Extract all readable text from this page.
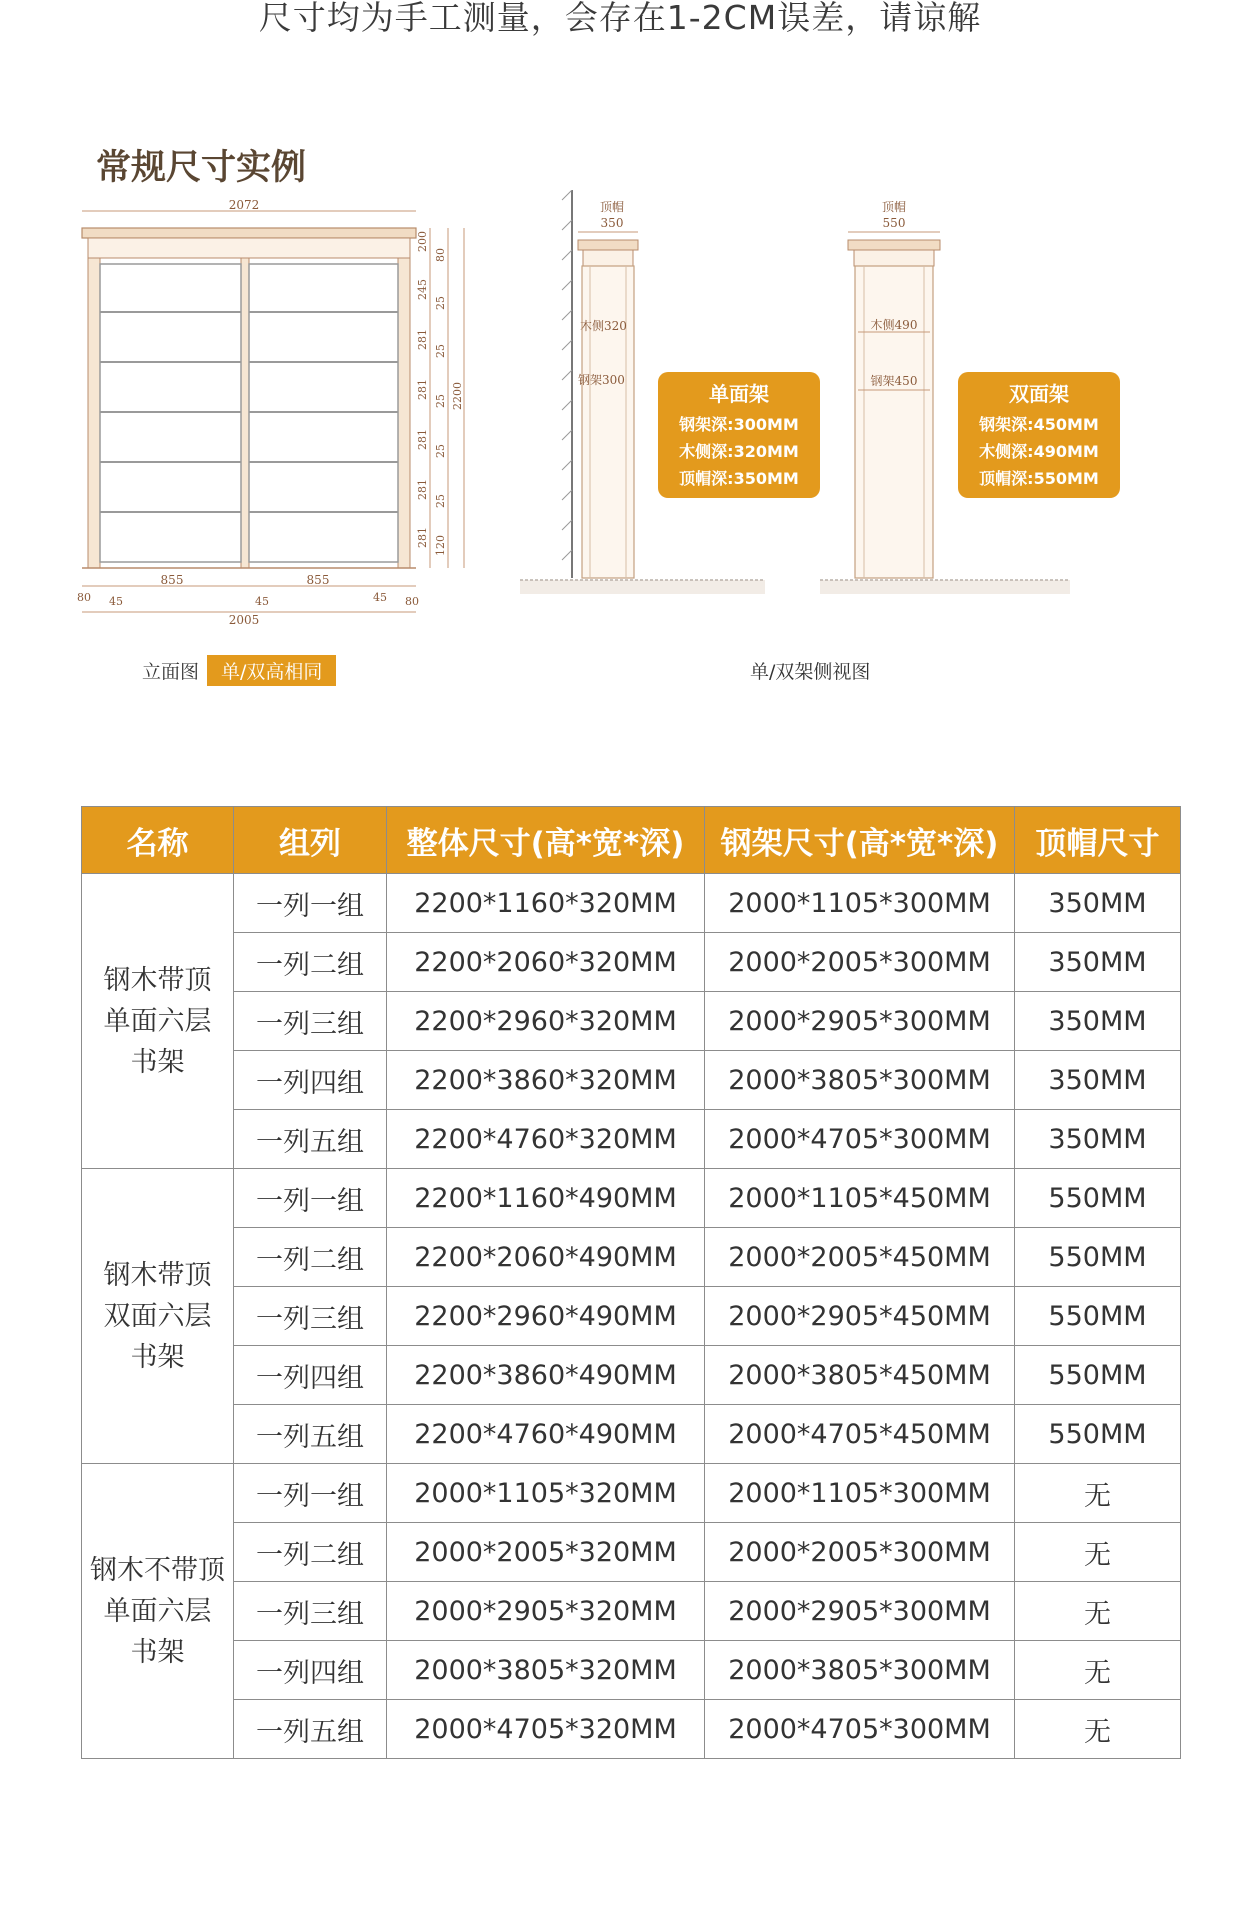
尺寸均为手工测量，会存在1-2CM误差，请谅解
常规尺寸实例
2072
855	855
80 45	45	45 80
2005
200
245
281
281
281
281
281
80
25
25
25
25
25
120
2200
顶帽
350
木侧320
钢架300
顶帽
550
木侧490
钢架450
单面架
钢架深:300MM
木侧深:320MM
顶帽深:350MM
双面架
钢架深:450MM
木侧深:490MM
顶帽深:550MM
立面图 单/双高相同	单/双架侧视图
名称	组列	整体尺寸(高*宽*深)	钢架尺寸(高*宽*深)	顶帽尺寸

钢木带顶
单面六层
书架	一列一组	2200*1160*320MM	2000*1105*300MM	350MM
	一列二组	2200*2060*320MM	2000*2005*300MM	350MM
	一列三组	2200*2960*320MM	2000*2905*300MM	350MM
	一列四组	2200*3860*320MM	2000*3805*300MM	350MM
	一列五组	2200*4760*320MM	2000*4705*300MM	350MM

钢木带顶
双面六层
书架	一列一组	2200*1160*490MM	2000*1105*450MM	550MM
	一列二组	2200*2060*490MM	2000*2005*450MM	550MM
	一列三组	2200*2960*490MM	2000*2905*450MM	550MM
	一列四组	2200*3860*490MM	2000*3805*450MM	550MM
	一列五组	2200*4760*490MM	2000*4705*450MM	550MM

钢木不带顶
单面六层
书架	一列一组	2000*1105*320MM	2000*1105*300MM	无
	一列二组	2000*2005*320MM	2000*2005*300MM	无
	一列三组	2000*2905*320MM	2000*2905*300MM	无
	一列四组	2000*3805*320MM	2000*3805*300MM	无
	一列五组	2000*4705*320MM	2000*4705*300MM	无
